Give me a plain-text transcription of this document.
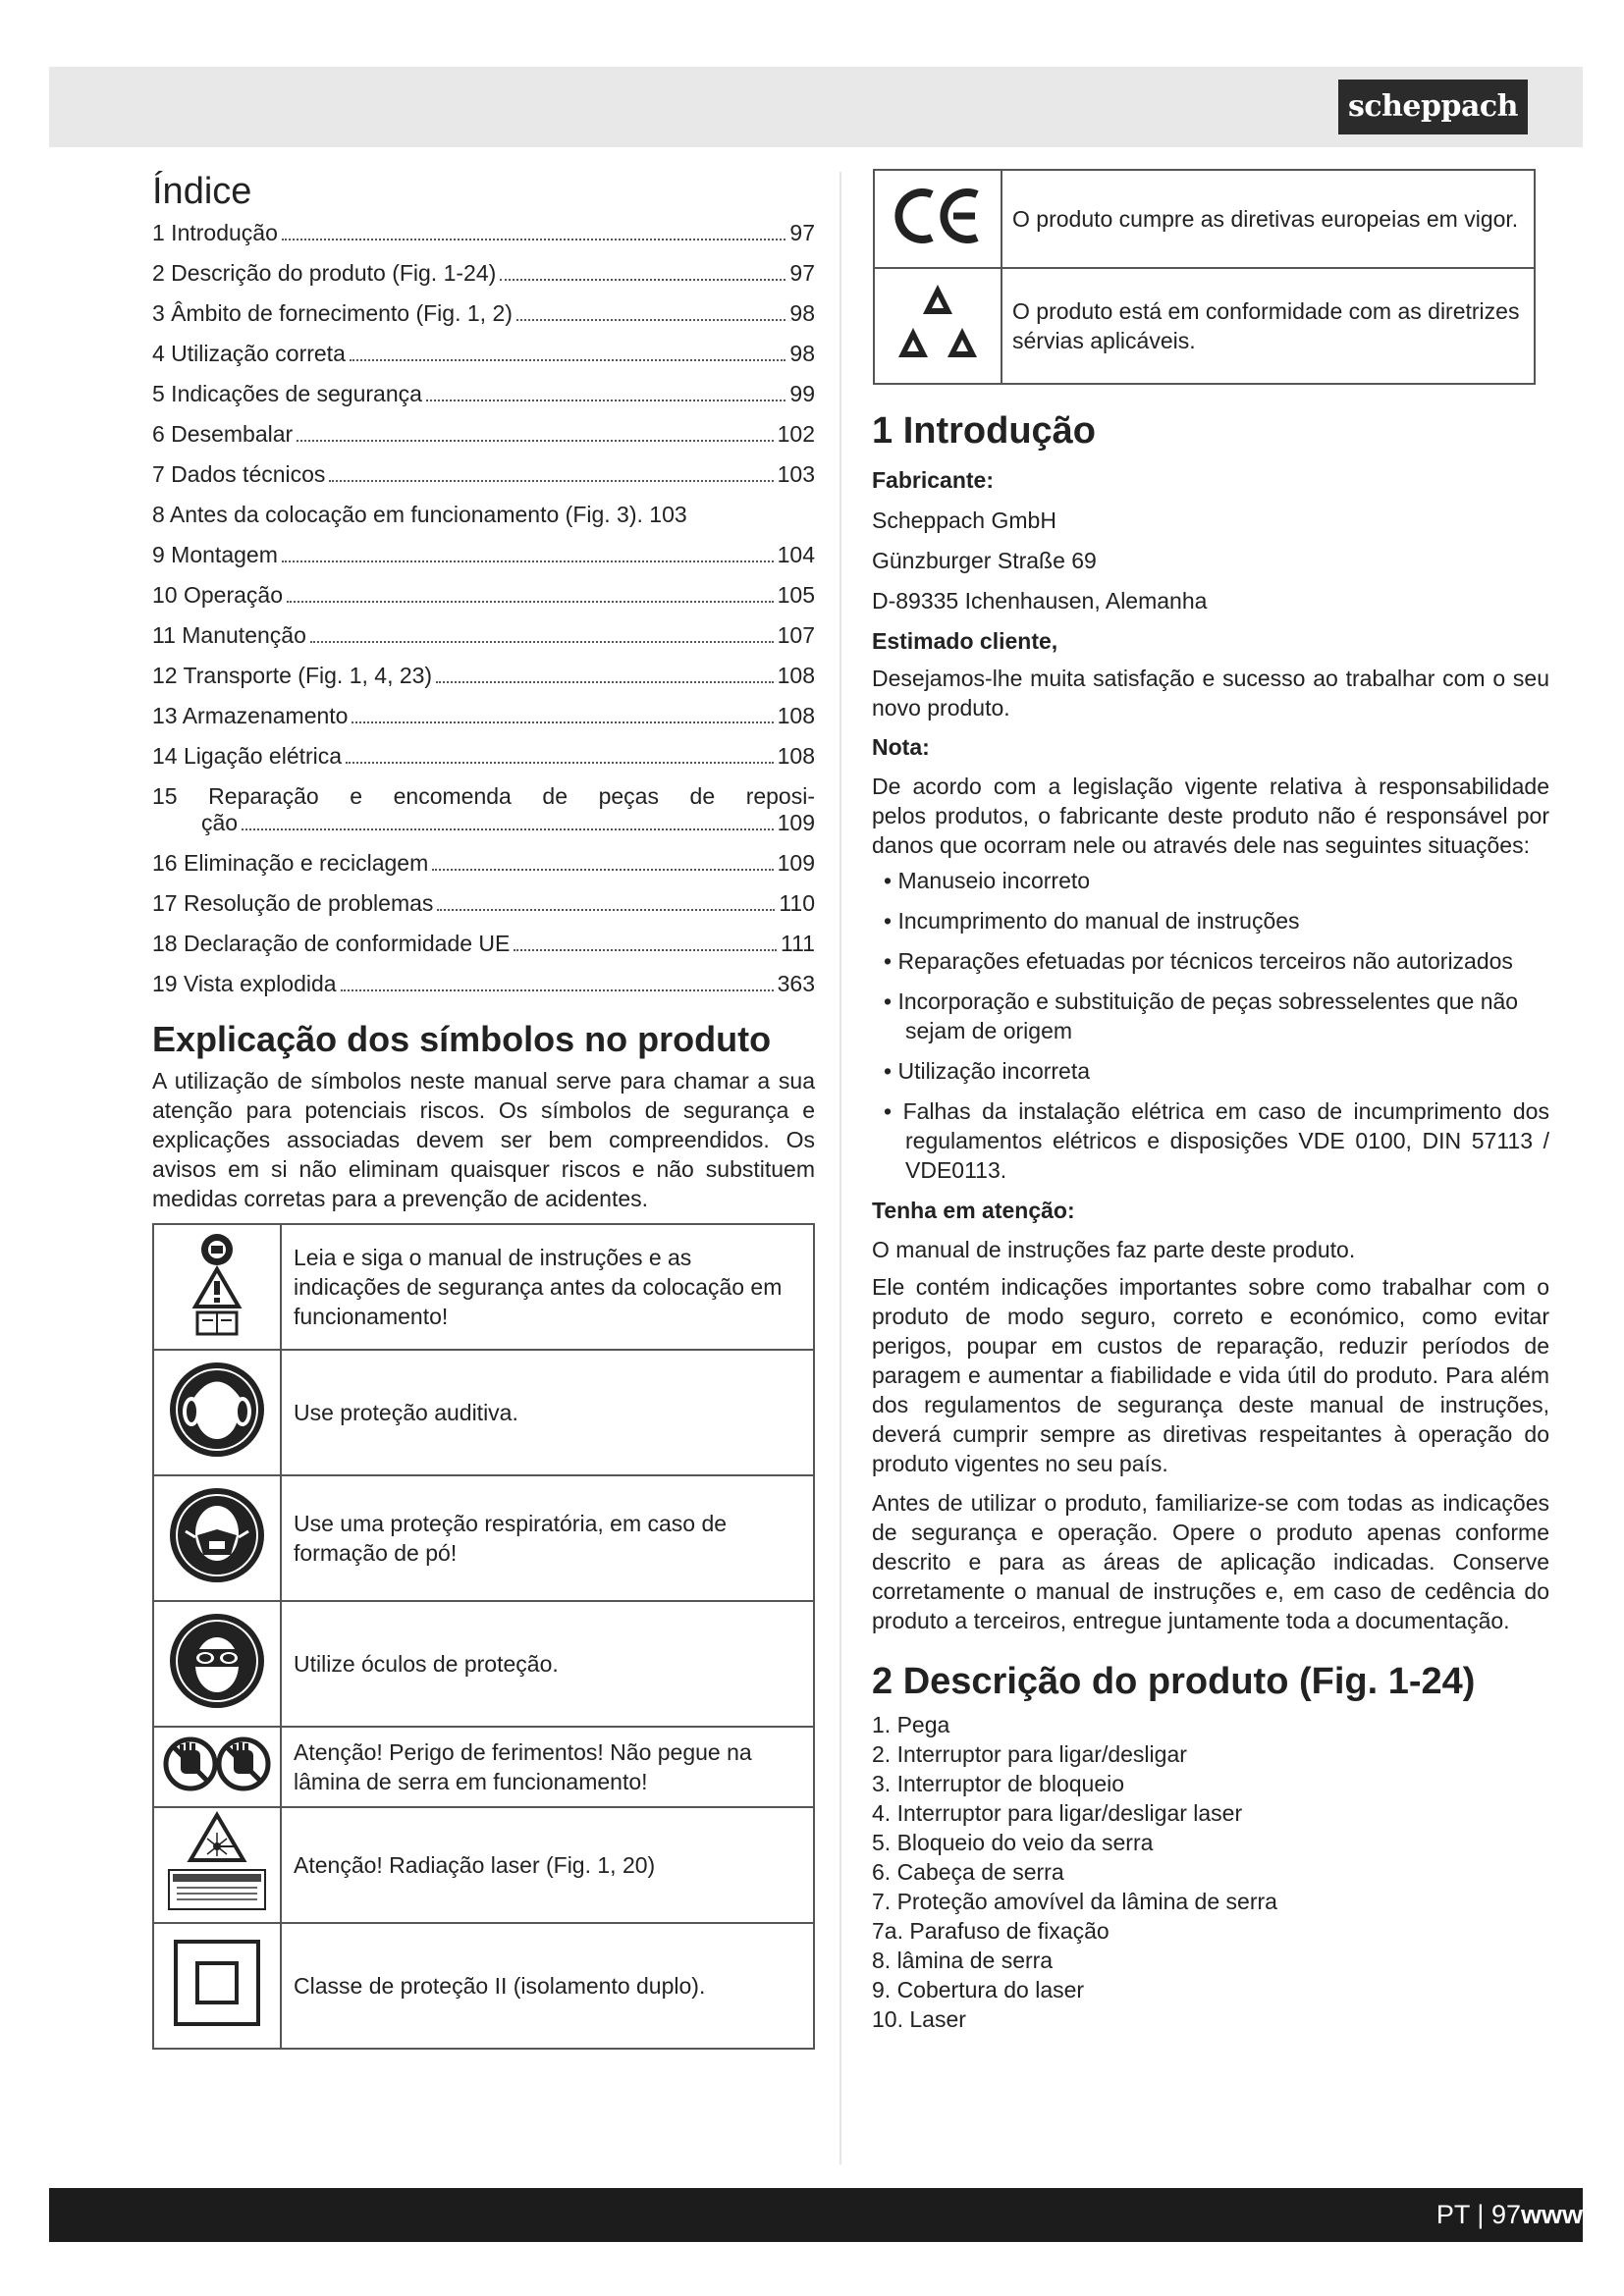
scheppach
Índice
1 Introdução	97
2 Descrição do produto (Fig. 1-24)	97
3 Âmbito de fornecimento (Fig. 1, 2)	98
4 Utilização correta	98
5 Indicações de segurança	99
6 Desembalar	102
7 Dados técnicos	103
8 Antes da colocação em funcionamento (Fig. 3).
103
9 Montagem	104
10 Operação	105
11 Manutenção	107
12 Transporte (Fig. 1, 4, 23)	108
13 Armazenamento	108
14 Ligação elétrica	108
15 Reparação e encomenda de peças de reposi-
ção	109
16 Eliminação e reciclagem	109
17 Resolução de problemas	110
18 Declaração de conformidade UE	111
19 Vista explodida	363
Explicação dos símbolos no produto

A utilização de símbolos neste manual serve para chamar a sua atenção para potenciais riscos. Os símbolos de segurança e explicações associadas devem ser bem compreendidos. Os avisos em si não eliminam quaisquer riscos e não substituem medidas corretas para a prevenção de acidentes.

	Leia e siga o manual de instruções e as indicações de segurança antes da colocação em funcionamento!
	Use proteção auditiva.
	Use uma proteção respiratória, em caso de formação de pó!
	Utilize óculos de proteção.
	Atenção! Perigo de ferimentos! Não pegue na lâmina de serra em funcionamento!
	Atenção! Radiação laser (Fig. 1, 20)
	Classe de proteção II (isolamento duplo).
	O produto cumpre as diretivas europeias em vigor.
	O produto está em conformidade com as diretrizes sérvias aplicáveis.
1 Introdução

Fabricante:

Scheppach GmbH

Günzburger Straße 69

D-89335 Ichenhausen, Alemanha

Estimado cliente,

Desejamos-lhe muita satisfação e sucesso ao trabalhar com o seu novo produto.

Nota:

De acordo com a legislação vigente relativa à responsabilidade pelos produtos, o fabricante deste produto não é responsável por danos que ocorram nele ou através dele nas seguintes situações:

• Manuseio incorreto
• Incumprimento do manual de instruções
• Reparações efetuadas por técnicos terceiros não autorizados
• Incorporação e substituição de peças sobresselentes que não sejam de origem
• Utilização incorreta
• Falhas da instalação elétrica em caso de incumprimento dos regulamentos elétricos e disposições VDE 0100, DIN 57113 / VDE0113.

Tenha em atenção:

O manual de instruções faz parte deste produto.

Ele contém indicações importantes sobre como trabalhar com o produto de modo seguro, correto e económico, como evitar perigos, poupar em custos de reparação, reduzir períodos de paragem e aumentar a fiabilidade e vida útil do produto. Para além dos regulamentos de segurança deste manual de instruções, deverá cumprir sempre as diretivas respeitantes à operação do produto vigentes no seu país.

Antes de utilizar o produto, familiarize-se com todas as indicações de segurança e operação. Opere o produto apenas conforme descrito e para as áreas de aplicação indicadas. Conserve corretamente o manual de instruções e, em caso de cedência do produto a terceiros, entregue juntamente toda a documentação.

2 Descrição do produto (Fig. 1-24)
1. Pega
2. Interruptor para ligar/desligar
3. Interruptor de bloqueio
4. Interruptor para ligar/desligar laser
5. Bloqueio do veio da serra
6. Cabeça de serra
7. Proteção amovível da lâmina de serra
7a. Parafuso de fixação
8. lâmina de serra
9. Cobertura do laser
10. Laser
PT | 97www
